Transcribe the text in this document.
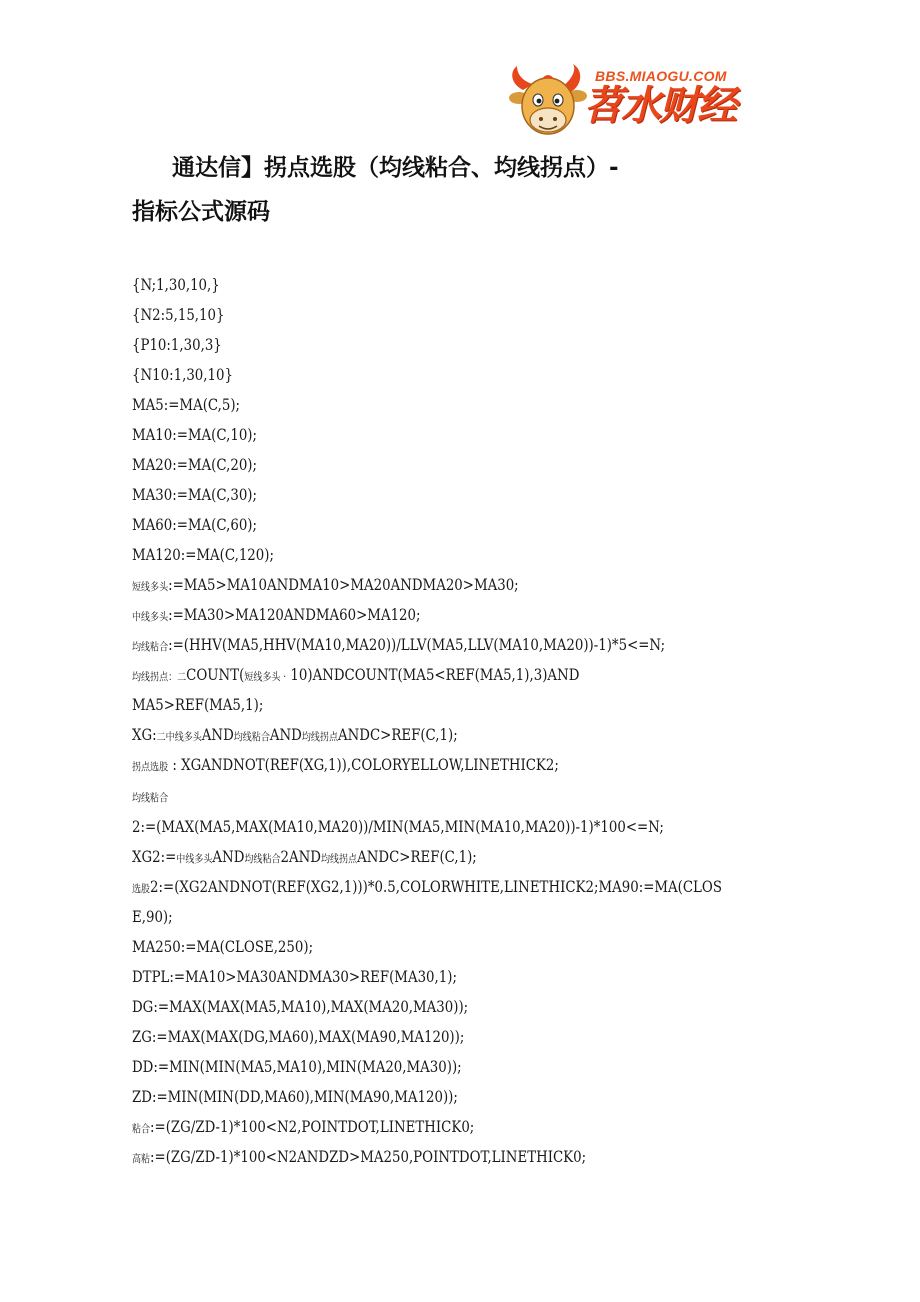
BBS.MIAOGU.COM
苕水财经
通达信】拐点选股（均线粘合、均线拐点）-
指标公式源码
{N;1,30,10,}
{N2:5,15,10}
{P10:1,30,3}
{N10:1,30,10}
MA5:=MA(C,5);
MA10:=MA(C,10);
MA20:=MA(C,20);
MA30:=MA(C,30);
MA60:=MA(C,60);
MA120:=MA(C,120);
短线多头:=MA5>MA10ANDMA10>MA20ANDMA20>MA30;
中线多头:=MA30>MA120ANDMA60>MA120;
均线粘合:=(HHV(MA5,HHV(MA10,MA20))/LLV(MA5,LLV(MA10,MA20))-1)*5<=N;
均线拐点：二COUNT(短线多头 · 10)ANDCOUNT(MA5<REF(MA5,1),3)AND
MA5>REF(MA5,1);
XG:二中线多头AND均线粘合AND均线拐点ANDC>REF(C,1);
拐点选股 : XGANDNOT(REF(XG,1)),COLORYELLOW,LINETHICK2;
均线粘合
2:=(MAX(MA5,MAX(MA10,MA20))/MIN(MA5,MIN(MA10,MA20))-1)*100<=N;
XG2:=中线多头AND均线粘合2AND均线拐点ANDC>REF(C,1);
选股2:=(XG2ANDNOT(REF(XG2,1)))*0.5,COLORWHITE,LINETHICK2;MA90:=MA(CLOS
E,90);
MA250:=MA(CLOSE,250);
DTPL:=MA10>MA30ANDMA30>REF(MA30,1);
DG:=MAX(MAX(MA5,MA10),MAX(MA20,MA30));
ZG:=MAX(MAX(DG,MA60),MAX(MA90,MA120));
DD:=MIN(MIN(MA5,MA10),MIN(MA20,MA30));
ZD:=MIN(MIN(DD,MA60),MIN(MA90,MA120));
粘合:=(ZG/ZD-1)*100<N2,POINTDOT,LINETHICK0;
高粘:=(ZG/ZD-1)*100<N2ANDZD>MA250,POINTDOT,LINETHICK0;
